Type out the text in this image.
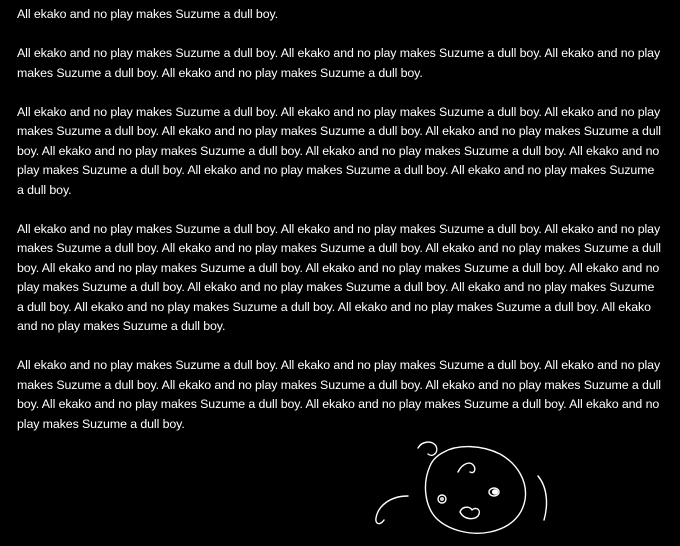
All ekako and no play makes Suzume a dull boy.

All ekako and no play makes Suzume a dull boy. All ekako and no play makes Suzume a dull boy. All ekako and no play makes Suzume a dull boy. All ekako and no play makes Suzume a dull boy.

All ekako and no play makes Suzume a dull boy. All ekako and no play makes Suzume a dull boy. All ekako and no play makes Suzume a dull boy. All ekako and no play makes Suzume a dull boy. All ekako and no play makes Suzume a dull boy. All ekako and no play makes Suzume a dull boy. All ekako and no play makes Suzume a dull boy. All ekako and no play makes Suzume a dull boy. All ekako and no play makes Suzume a dull boy. All ekako and no play makes Suzume a dull boy.

All ekako and no play makes Suzume a dull boy. All ekako and no play makes Suzume a dull boy. All ekako and no play makes Suzume a dull boy. All ekako and no play makes Suzume a dull boy. All ekako and no play makes Suzume a dull boy. All ekako and no play makes Suzume a dull boy. All ekako and no play makes Suzume a dull boy. All ekako and no play makes Suzume a dull boy. All ekako and no play makes Suzume a dull boy. All ekako and no play makes Suzume a dull boy. All ekako and no play makes Suzume a dull boy. All ekako and no play makes Suzume a dull boy. All ekako and no play makes Suzume a dull boy.

All ekako and no play makes Suzume a dull boy. All ekako and no play makes Suzume a dull boy. All ekako and no play makes Suzume a dull boy. All ekako and no play makes Suzume a dull boy. All ekako and no play makes Suzume a dull boy. All ekako and no play makes Suzume a dull boy. All ekako and no play makes Suzume a dull boy. All ekako and no play makes Suzume a dull boy.
